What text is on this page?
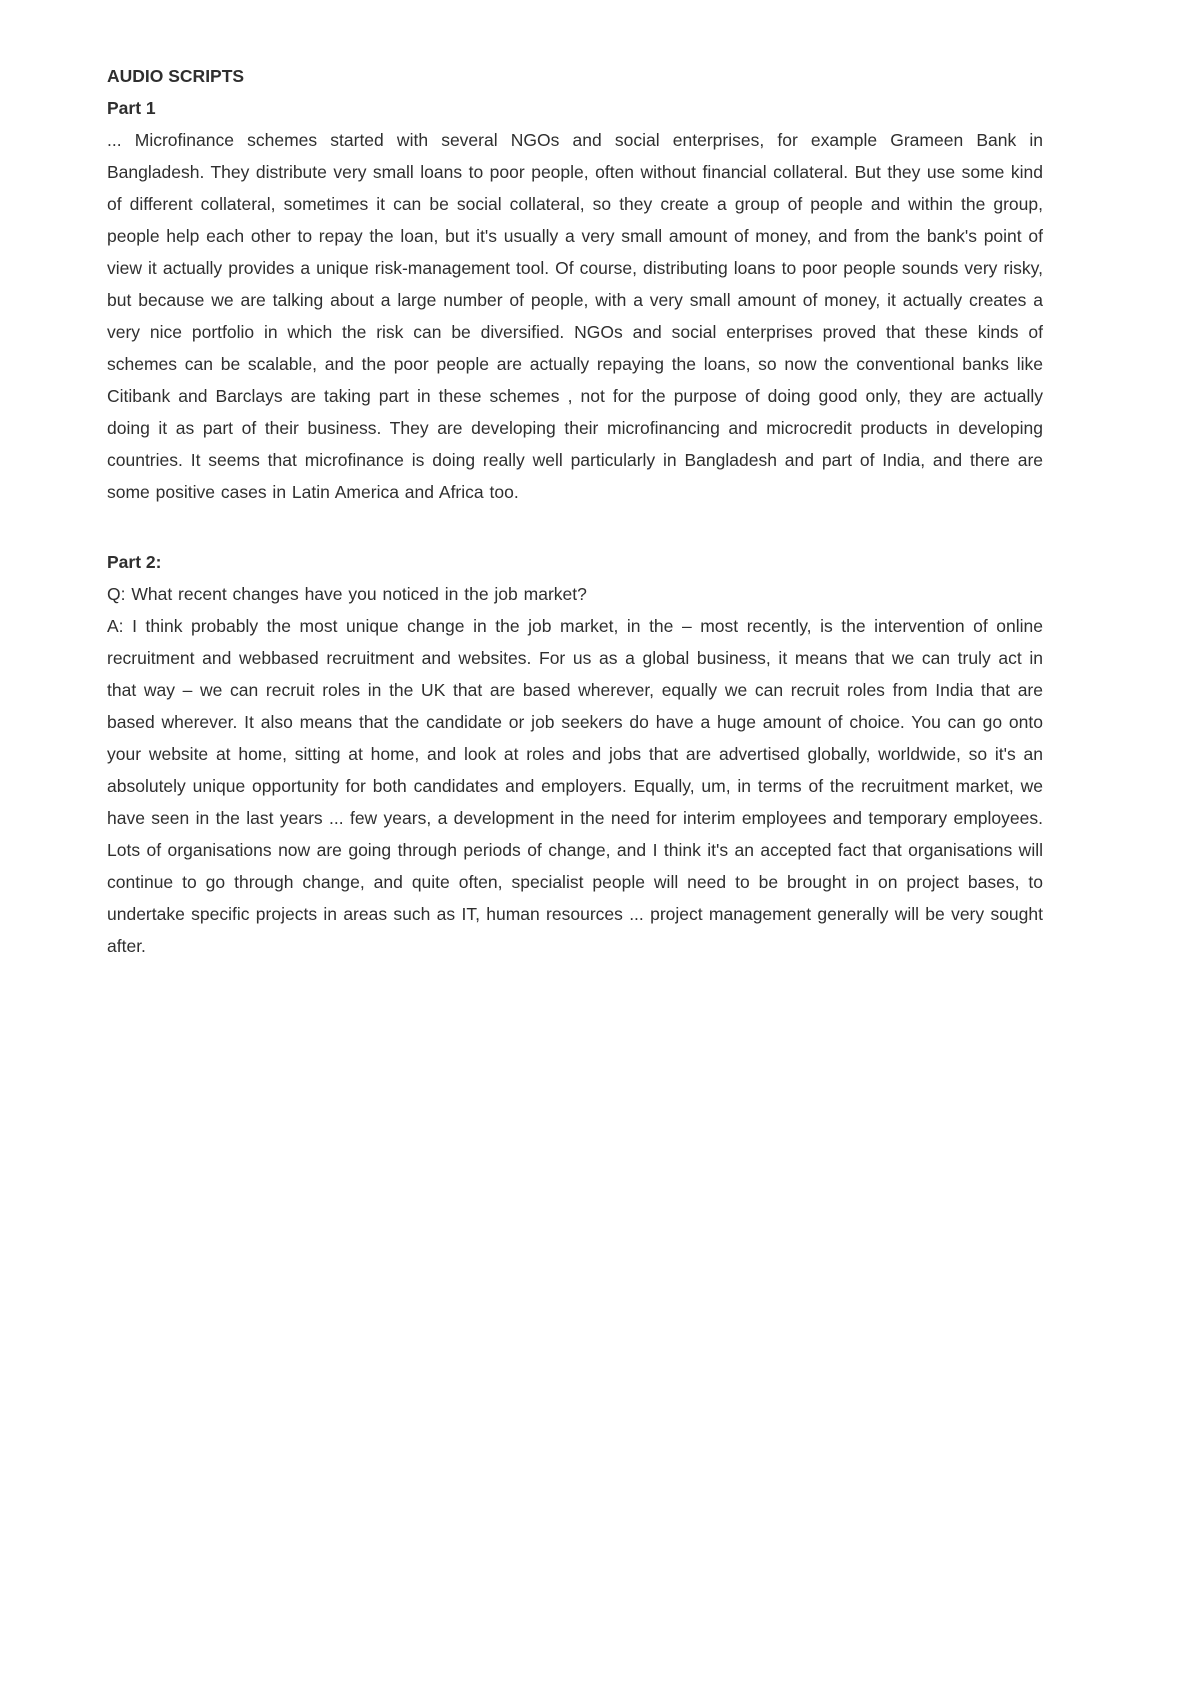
AUDIO SCRIPTS
Part 1

... Microfinance schemes started with several NGOs and social enterprises, for example Grameen Bank in Bangladesh. They distribute very small loans to poor people, often without financial collateral. But they use some kind of different collateral, sometimes it can be social collateral, so they create a group of people and within the group, people help each other to repay the loan, but it's usually a very small amount of money, and from the bank's point of view it actually provides a unique risk-management tool. Of course, distributing loans to poor people sounds very risky, but because we are talking about a large number of people, with a very small amount of money, it actually creates a very nice portfolio in which the risk can be diversified. NGOs and social enterprises proved that these kinds of schemes can be scalable, and the poor people are actually repaying the loans, so now the conventional banks like Citibank and Barclays are taking part in these schemes , not for the purpose of doing good only, they are actually doing it as part of their business. They are developing their microfinancing and microcredit products in developing countries. It seems that microfinance is doing really well particularly in Bangladesh and part of India, and there are some positive cases in Latin America and Africa too.

Part 2:

Q: What recent changes have you noticed in the job market?

A: I think probably the most unique change in the job market, in the – most recently, is the intervention of online recruitment and webbased recruitment and websites. For us as a global business, it means that we can truly act in that way – we can recruit roles in the UK that are based wherever, equally we can recruit roles from India that are based wherever. It also means that the candidate or job seekers do have a huge amount of choice. You can go onto your website at home, sitting at home, and look at roles and jobs that are advertised globally, worldwide, so it's an absolutely unique opportunity for both candidates and employers. Equally, um, in terms of the recruitment market, we have seen in the last years ... few years, a development in the need for interim employees and temporary employees. Lots of organisations now are going through periods of change, and I think it's an accepted fact that organisations will continue to go through change, and quite often, specialist people will need to be brought in on project bases, to undertake specific projects in areas such as IT, human resources ... project management generally will be very sought after.
